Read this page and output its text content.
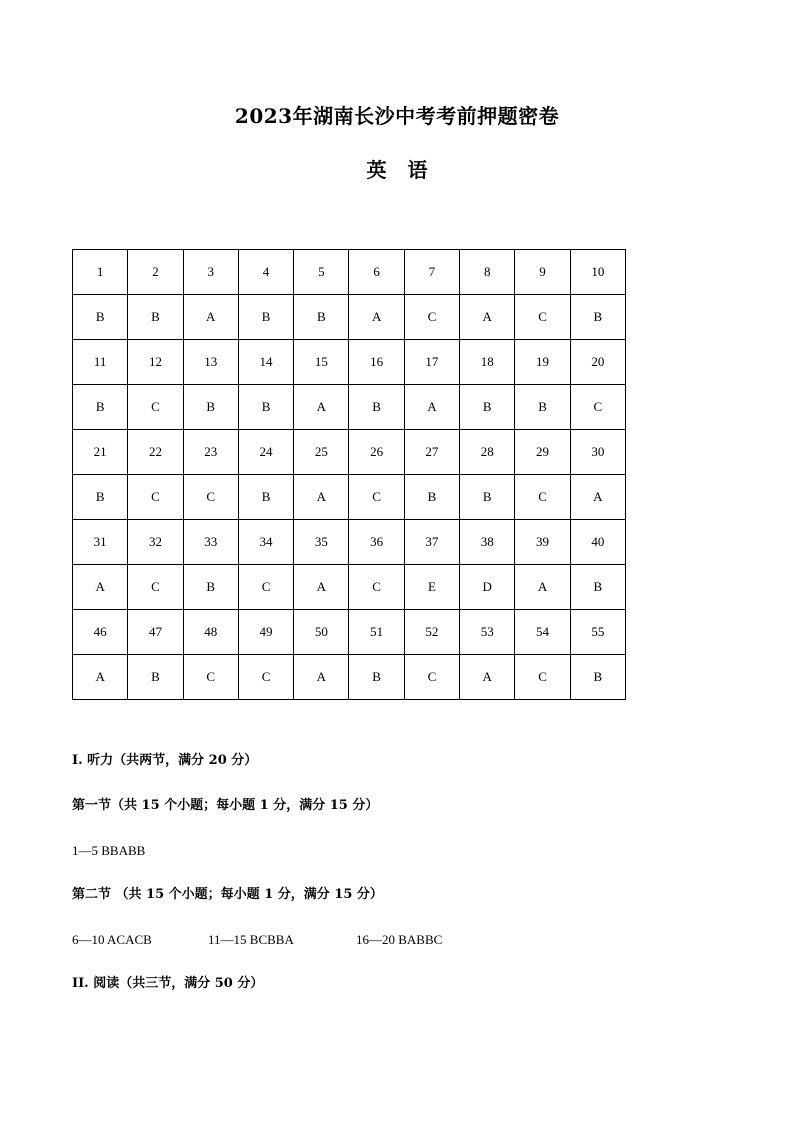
2023年湖南长沙中考考前押题密卷
英 语
1	2	3	4	5	6	7	8	9	10
B	B	A	B	B	A	C	A	C	B
11	12	13	14	15	16	17	18	19	20
B	C	B	B	A	B	A	B	B	C
21	22	23	24	25	26	27	28	29	30
B	C	C	B	A	C	B	B	C	A
31	32	33	34	35	36	37	38	39	40
A	C	B	C	A	C	E	D	A	B
46	47	48	49	50	51	52	53	54	55
A	B	C	C	A	B	C	A	C	B
I. 听力（共两节，满分 20 分）
第一节（共 15 个小题；每小题 1 分，满分 15 分）
1—5 BBABB
第二节 （共 15 个小题；每小题 1 分，满分 15 分）
6—10 ACACB	11—15 BCBBA	16—20 BABBC
II. 阅读（共三节，满分 50 分）
